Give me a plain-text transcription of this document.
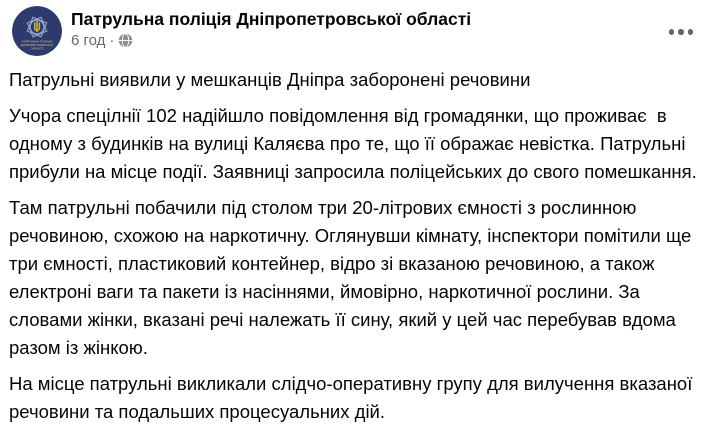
ПАТРУЛЬНА ПОЛІЦІЯ
ДНІПРОПЕТРОВСЬКОЇ
ОБЛАСТІ
Патрульна поліція Дніпропетровської області
6 год ·

Патрульні виявили у мешканців Дніпра заборонені речовини

Учора спецілнії 102 надійшло повідомлення від громадянки, що проживає  в одному з будинків на вулиці Каляєва про те, що її ображає невістка. Патрульні прибули на місце події. Заявниці запросила поліцейських до свого помешкання.

Там патрульні побачили під столом три 20-літрових ємності з рослинною речовиною, схожою на наркотичну. Оглянувши кімнату, інспектори помітили ще три ємності, пластиковий контейнер, відро зі вказаною речовиною, а також електроні ваги та пакети із насіннями, ймовірно, наркотичної рослини. За словами жінки, вказані речі належать її сину, який у цей час перебував вдома разом із жінкою.

На місце патрульні викликали слідчо-оперативну групу для вилучення вказаної речовини та подальших процесуальних дій.
